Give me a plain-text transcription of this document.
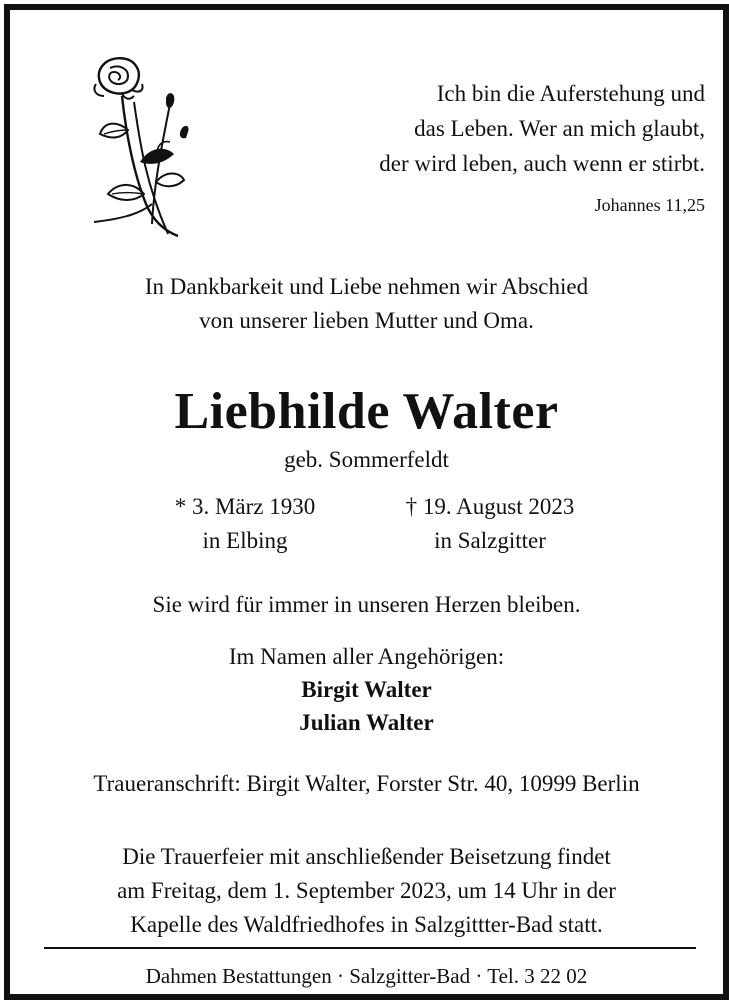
Ich bin die Auferstehung und
das Leben. Wer an mich glaubt,
der wird leben, auch wenn er stirbt.
Johannes 11,25
In Dankbarkeit und Liebe nehmen wir Abschied
von unserer lieben Mutter und Oma.
Liebhilde Walter
geb. Sommerfeldt
* 3. März 1930
in Elbing
† 19. August 2023
in Salzgitter
Sie wird für immer in unseren Herzen bleiben.
Im Namen aller Angehörigen:
Birgit Walter
Julian Walter
Traueranschrift: Birgit Walter, Forster Str. 40, 10999 Berlin
Die Trauerfeier mit anschließender Beisetzung findet
am Freitag, dem 1. September 2023, um 14 Uhr in der
Kapelle des Waldfriedhofes in Salzgittter-Bad statt.
Dahmen Bestattungen · Salzgitter-Bad · Tel. 3 22 02
